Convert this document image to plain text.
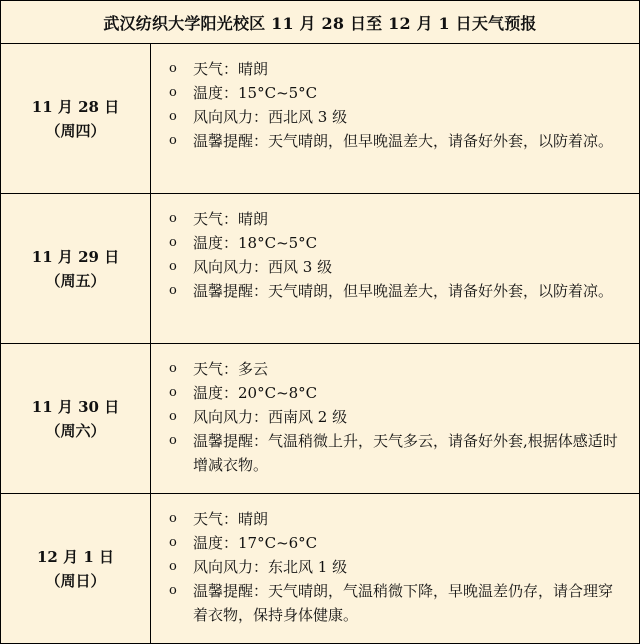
武汉纺织大学阳光校区 11 月 28 日至 12 月 1 日天气预报
11 月 28 日
（周四）
o	天气：晴朗
o	温度：15°C~5°C
o	风向风力：西北风 3 级
o	温馨提醒：天气晴朗，但早晚温差大，请备好外套，以防着凉。
11 月 29 日
（周五）
o	天气：晴朗
o	温度：18°C~5°C
o	风向风力：西风 3 级
o	温馨提醒：天气晴朗，但早晚温差大，请备好外套，以防着凉。
11 月 30 日
（周六）
o	天气：多云
o	温度：20°C~8°C
o	风向风力：西南风 2 级
o	温馨提醒：气温稍微上升，天气多云，请备好外套,根据体感适时增减衣物。
12 月 1 日
（周日）
o	天气：晴朗
o	温度：17°C~6°C
o	风向风力：东北风 1 级
o	温馨提醒：天气晴朗，气温稍微下降，早晚温差仍存，请合理穿着衣物，保持身体健康。
